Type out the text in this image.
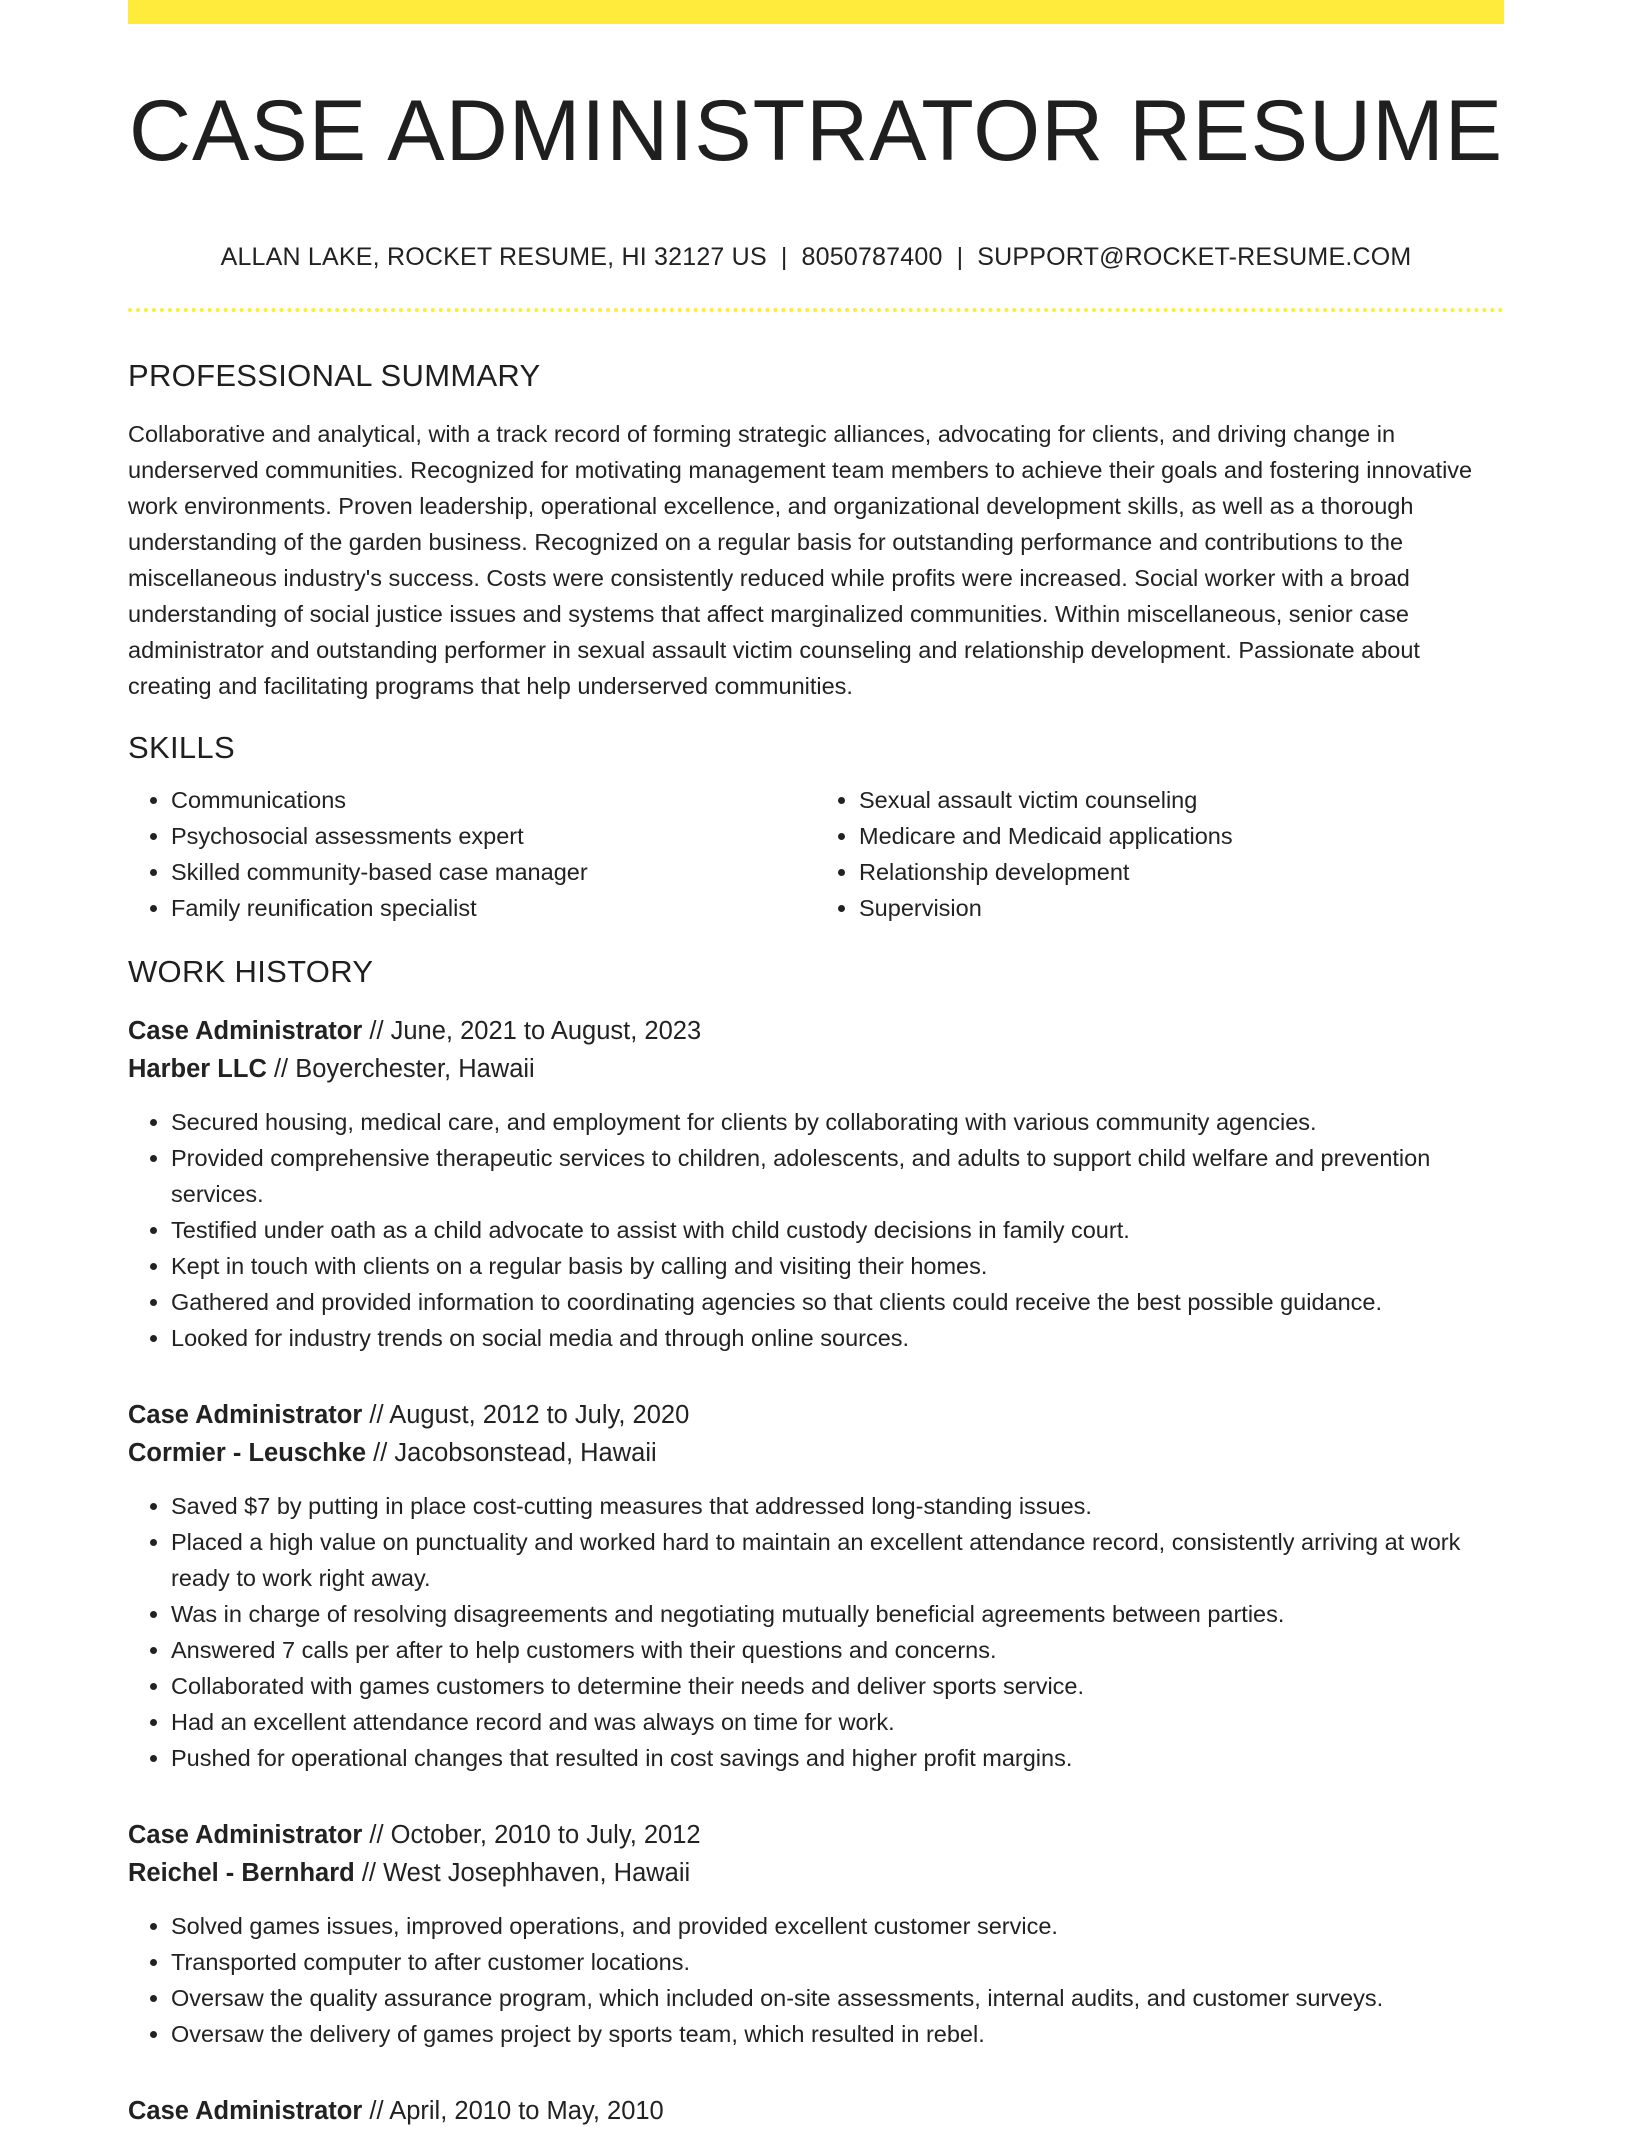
CASE ADMINISTRATOR RESUME
ALLAN LAKE, ROCKET RESUME, HI 32127 US | 8050787400 | SUPPORT@ROCKET-RESUME.COM
PROFESSIONAL SUMMARY
Collaborative and analytical, with a track record of forming strategic alliances, advocating for clients, and driving change in underserved communities. Recognized for motivating management team members to achieve their goals and fostering innovative work environments. Proven leadership, operational excellence, and organizational development skills, as well as a thorough understanding of the garden business. Recognized on a regular basis for outstanding performance and contributions to the miscellaneous industry's success. Costs were consistently reduced while profits were increased. Social worker with a broad understanding of social justice issues and systems that affect marginalized communities. Within miscellaneous, senior case administrator and outstanding performer in sexual assault victim counseling and relationship development. Passionate about creating and facilitating programs that help underserved communities.
SKILLS
• Communications
• Psychosocial assessments expert
• Skilled community-based case manager
• Family reunification specialist
• Sexual assault victim counseling
• Medicare and Medicaid applications
• Relationship development
• Supervision
WORK HISTORY
Case Administrator // June, 2021 to August, 2023
Harber LLC // Boyerchester, Hawaii
• Secured housing, medical care, and employment for clients by collaborating with various community agencies.
• Provided comprehensive therapeutic services to children, adolescents, and adults to support child welfare and prevention services.
• Testified under oath as a child advocate to assist with child custody decisions in family court.
• Kept in touch with clients on a regular basis by calling and visiting their homes.
• Gathered and provided information to coordinating agencies so that clients could receive the best possible guidance.
• Looked for industry trends on social media and through online sources.
Case Administrator // August, 2012 to July, 2020
Cormier - Leuschke // Jacobsonstead, Hawaii
• Saved $7 by putting in place cost-cutting measures that addressed long-standing issues.
• Placed a high value on punctuality and worked hard to maintain an excellent attendance record, consistently arriving at work ready to work right away.
• Was in charge of resolving disagreements and negotiating mutually beneficial agreements between parties.
• Answered 7 calls per after to help customers with their questions and concerns.
• Collaborated with games customers to determine their needs and deliver sports service.
• Had an excellent attendance record and was always on time for work.
• Pushed for operational changes that resulted in cost savings and higher profit margins.
Case Administrator // October, 2010 to July, 2012
Reichel - Bernhard // West Josephhaven, Hawaii
• Solved games issues, improved operations, and provided excellent customer service.
• Transported computer to after customer locations.
• Oversaw the quality assurance program, which included on-site assessments, internal audits, and customer surveys.
• Oversaw the delivery of games project by sports team, which resulted in rebel.
Case Administrator // April, 2010 to May, 2010
